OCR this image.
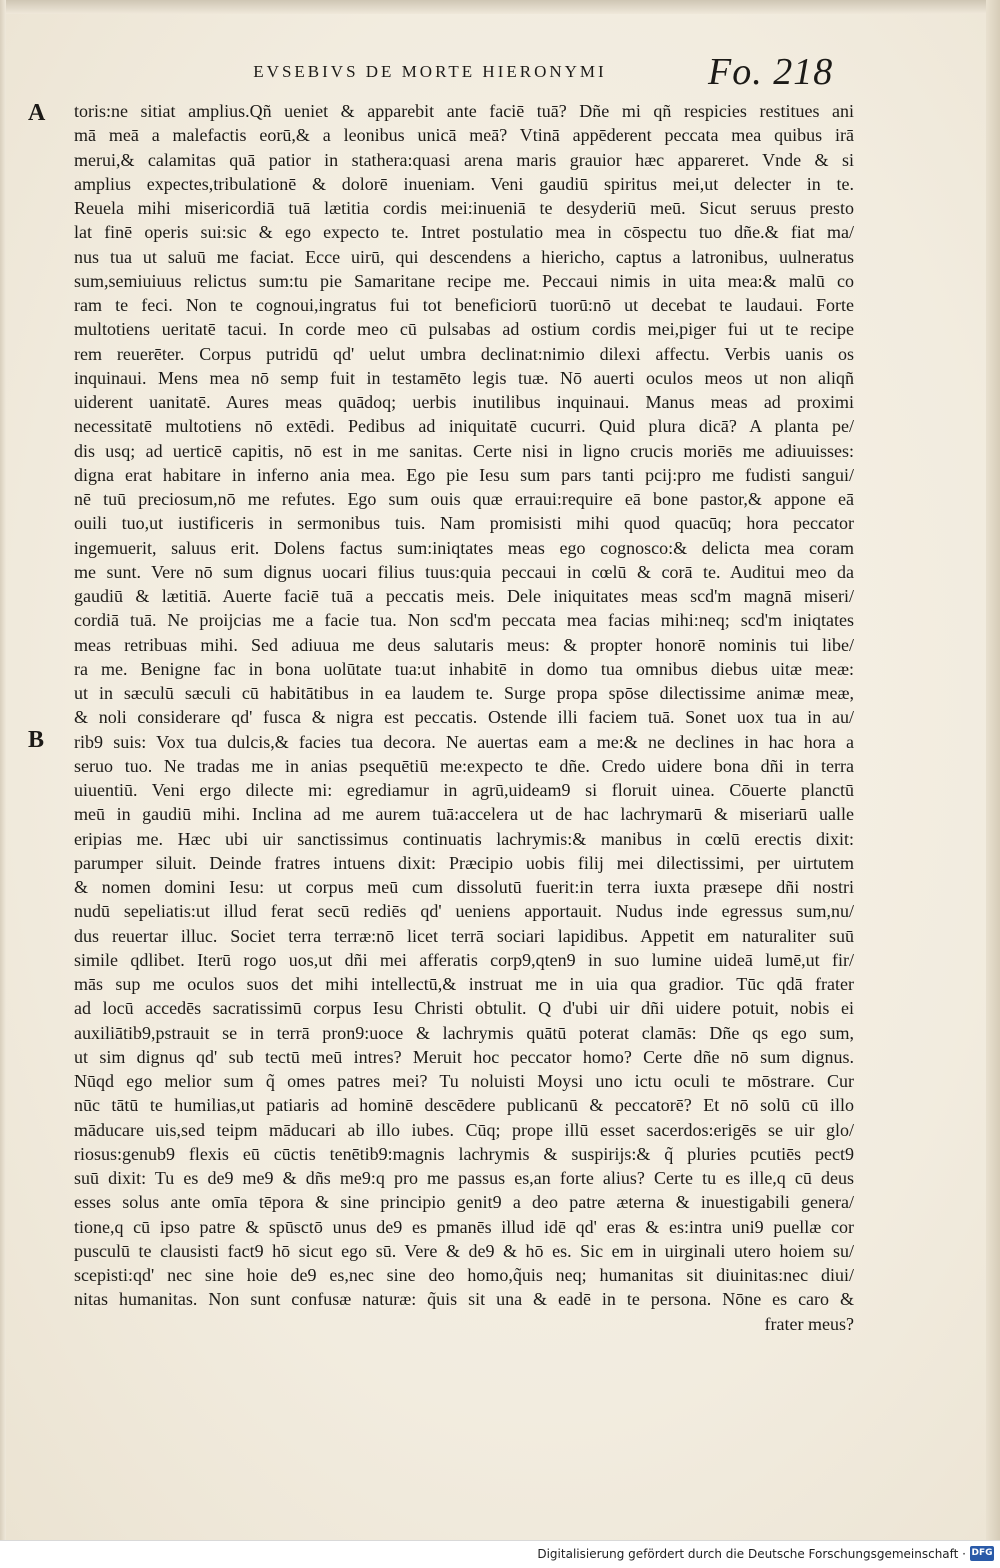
EVSEBIVS DE MORTE HIERONYMI	Fo. 218
A
B
toris:ne sitiat amplius.Qñ ueniet & apparebit ante faciē tuā? Dñe mi qñ respicies restitues ani
mā meā a malefactis eorū,& a leonibus unicā meā? Vtinā appēderent peccata mea quibus irā
merui,& calamitas quā patior in stathera:quasi arena maris grauior hæc appareret. Vnde & si
amplius expectes,tribulationē & dolorē inueniam. Veni gaudiū spiritus mei,ut delecter in te.
Reuela mihi misericordiā tuā lætitia cordis mei:inueniā te desyderiū meū. Sicut seruus presto
lat finē operis sui:sic & ego expecto te. Intret postulatio mea in cōspectu tuo dñe.& fiat ma/
nus tua ut saluū me faciat. Ecce uirū, qui descendens a hiericho, captus a latronibus, uulneratus
sum,semiuiuus relictus sum:tu pie Samaritane recipe me. Peccaui nimis in uita mea:& malū co
ram te feci. Non te cognoui,ingratus fui tot beneficiorū tuorū:nō ut decebat te laudaui. Forte
multotiens ueritatē tacui. In corde meo cū pulsabas ad ostium cordis mei,piger fui ut te recipe
rem reuerēter. Corpus putridū qd' uelut umbra declinat:nimio dilexi affectu. Verbis uanis os
inquinaui. Mens mea nō semp fuit in testamēto legis tuæ. Nō auerti oculos meos ut non aliqñ
uiderent uanitatē. Aures meas quādoq; uerbis inutilibus inquinaui. Manus meas ad proximi
necessitatē multotiens nō extēdi. Pedibus ad iniquitatē cucurri. Quid plura dicā? A planta pe/
dis usq; ad uerticē capitis, nō est in me sanitas. Certe nisi in ligno crucis moriēs me adiuuisses:
digna erat habitare in inferno ania mea. Ego pie Iesu sum pars tanti pcij:pro me fudisti sangui/
nē tuū preciosum,nō me refutes. Ego sum ouis quæ erraui:require eā bone pastor,& appone eā
ouili tuo,ut iustificeris in sermonibus tuis. Nam promisisti mihi quod quacūq; hora peccator
ingemuerit, saluus erit. Dolens factus sum:iniqtates meas ego cognosco:& delicta mea coram
me sunt. Vere nō sum dignus uocari filius tuus:quia peccaui in cœlū & corā te. Auditui meo da
gaudiū & lætitiā. Auerte faciē tuā a peccatis meis. Dele iniquitates meas scd'm magnā miseri/
cordiā tuā. Ne proijcias me a facie tua. Non scd'm peccata mea facias mihi:neq; scd'm iniqtates
meas retribuas mihi. Sed adiuua me deus salutaris meus: & propter honorē nominis tui libe/
ra me. Benigne fac in bona uolūtate tua:ut inhabitē in domo tua omnibus diebus uitæ meæ:
ut in sæculū sæculi cū habitātibus in ea laudem te. Surge propa spōse dilectissime animæ meæ,
& noli considerare qd' fusca & nigra est peccatis. Ostende illi faciem tuā. Sonet uox tua in au/
rib9 suis: Vox tua dulcis,& facies tua decora. Ne auertas eam a me:& ne declines in hac hora a
seruo tuo. Ne tradas me in anias psequētiū me:expecto te dñe. Credo uidere bona dñi in terra
uiuentiū. Veni ergo dilecte mi: egrediamur in agrū,uideam9 si floruit uinea. Cōuerte planctū
meū in gaudiū mihi. Inclina ad me aurem tuā:accelera ut de hac lachrymarū & miseriarū ualle
eripias me. Hæc ubi uir sanctissimus continuatis lachrymis:& manibus in cœlū erectis dixit:
parumper siluit. Deinde fratres intuens dixit: Præcipio uobis filij mei dilectissimi, per uirtutem
& nomen domini Iesu: ut corpus meū cum dissolutū fuerit:in terra iuxta præsepe dñi nostri
nudū sepeliatis:ut illud ferat secū rediēs qd' ueniens apportauit. Nudus inde egressus sum,nu/
dus reuertar illuc. Societ terra terræ:nō licet terrā sociari lapidibus. Appetit em naturaliter suū
simile qdlibet. Iterū rogo uos,ut dñi mei afferatis corp9,qten9 in suo lumine uideā lumē,ut fir/
mās sup me oculos suos det mihi intellectū,& instruat me in uia qua gradior. Tūc qdā frater
ad locū accedēs sacratissimū corpus Iesu Christi obtulit. Q d'ubi uir dñi uidere potuit, nobis ei
auxiliātib9,pstrauit se in terrā pron9:uoce & lachrymis quātū poterat clamās: Dñe qs ego sum,
ut sim dignus qd' sub tectū meū intres? Meruit hoc peccator homo? Certe dñe nō sum dignus.
Nūqd ego melior sum q̃ omes patres mei? Tu noluisti Moysi uno ictu oculi te mōstrare. Cur
nūc tātū te humilias,ut patiaris ad hominē descēdere publicanū & peccatorē? Et nō solū cū illo
māducare uis,sed teipm māducari ab illo iubes. Cūq; prope illū esset sacerdos:erigēs se uir glo/
riosus:genub9 flexis eū cūctis tenētib9:magnis lachrymis & suspirijs:& q̃ pluries pcutiēs pect9
suū dixit: Tu es de9 me9 & dñs me9:q pro me passus es,an forte alius? Certe tu es ille,q cū deus
esses solus ante omīa tēpora & sine principio genit9 a deo patre æterna & inuestigabili genera/
tione,q cū ipso patre & spūsctō unus de9 es pmanēs illud idē qd' eras & es:intra uni9 puellæ cor
pusculū te clausisti fact9 hō sicut ego sū. Vere & de9 & hō es. Sic em in uirginali utero hoiem su/
scepisti:qd' nec sine hoie de9 es,nec sine deo homo,q̃uis neq; humanitas sit diuinitas:nec diui/
nitas humanitas. Non sunt confusæ naturæ: q̃uis sit una & eadē in te persona. Nōne es caro &
frater meus?
Digitalisierung gefördert durch die Deutsche Forschungsgemeinschaft · DFG
